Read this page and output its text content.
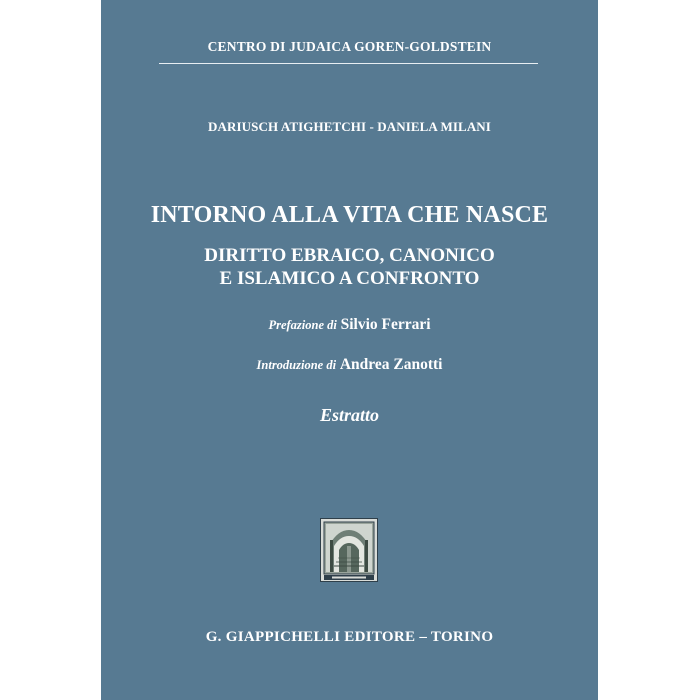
CENTRO DI JUDAICA GOREN-GOLDSTEIN
DARIUSCH ATIGHETCHI - DANIELA MILANI
INTORNO ALLA VITA CHE NASCE
DIRITTO EBRAICO, CANONICO
E ISLAMICO A CONFRONTO
Prefazione di Silvio Ferrari
Introduzione di Andrea Zanotti
Estratto
G. GIAPPICHELLI EDITORE – TORINO
